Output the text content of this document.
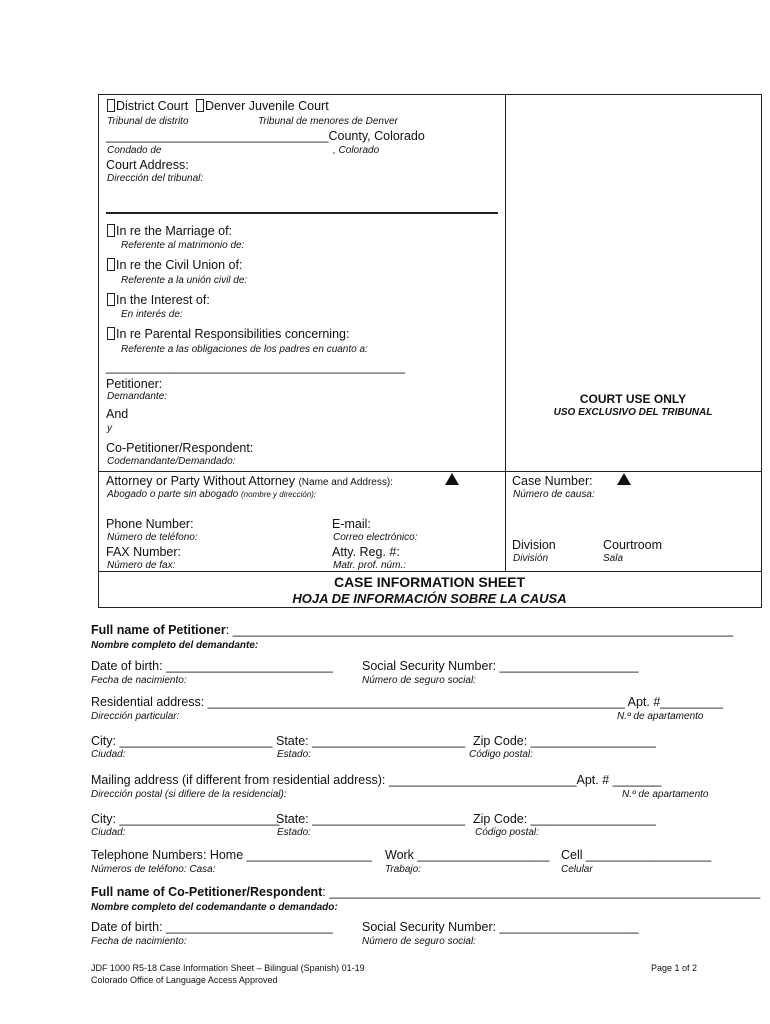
District Court	Denver Juvenile Court
Tribunal de distrito	Tribunal de menores de Denver
________________________________County, Colorado
Condado de	, Colorado
Court Address:
Dirección del tribunal:
In re the Marriage of:
Referente al matrimonio de:
In re the Civil Union of:
Referente a la unión civil de:
In the Interest of:
En interés de:
In re Parental Responsibilities concerning:
Referente a las obligaciones de los padres en cuanto a:
___________________________________________
Petitioner:
Demandante:
And
y
Co-Petitioner/Respondent:
Codemandante/Demandado:
COURT USE ONLY
USO EXCLUSIVO DEL TRIBUNAL
Attorney or Party Without Attorney (Name and Address):
Abogado o parte sin abogado (nombre y dirección):
Phone Number:
Número de teléfono:
FAX Number:
Número de fax:
E-mail:
Correo electrónico:
Atty. Reg. #:
Matr. prof. núm.:
Case Number:
Número de causa:
Division
División
Courtroom
Sala
CASE INFORMATION SHEET
HOJA DE INFORMACIÓN SOBRE LA CAUSA
Full name of Petitioner: ________________________________________________________________________
Nombre completo del demandante:
Date of birth: ________________________
Fecha de nacimiento:
Social Security Number: ____________________
Número de seguro social:
Residential address: ____________________________________________________________ Apt. #_________
Dirección particular:	N.º de apartamento
City: ______________________
Ciudad:
State: ______________________
Estado:
Zip Code: __________________
Código postal:
Mailing address (if different from residential address): ___________________________Apt. # _______
Dirección postal (si difiere de la residencial):	N.º de apartamento
City: _______________________
Ciudad:
State: ______________________
Estado:
Zip Code: __________________
Código postal:
Telephone Numbers: Home __________________
Números de teléfono: Casa:
Work ___________________
Trabajo:
Cell __________________
Celular
Full name of Co-Petitioner/Respondent: ______________________________________________________________
Nombre completo del codemandante o demandado:
Date of birth: ________________________
Fecha de nacimiento:
Social Security Number: ____________________
Número de seguro social:
JDF 1000 R5-18 Case Information Sheet – Bilingual (Spanish) 01-19
Colorado Office of Language Access Approved
Page 1 of 2
